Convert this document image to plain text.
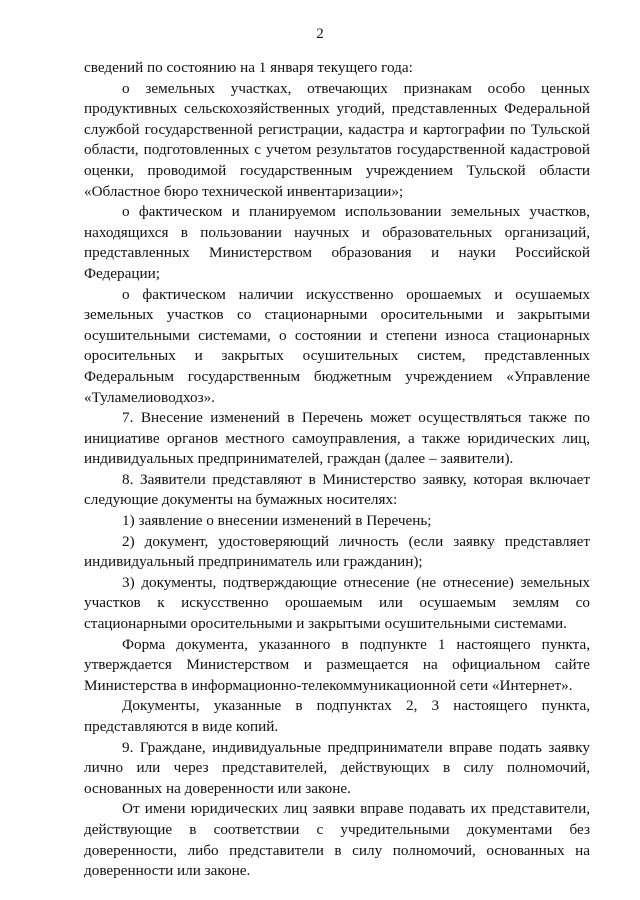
2

сведений по состоянию на 1 января текущего года:

о земельных участках, отвечающих признакам особо ценных продуктивных сельскохозяйственных угодий, представленных Федеральной службой государственной регистрации, кадастра и картографии по Тульской области, подготовленных с учетом результатов государственной кадастровой оценки, проводимой государственным учреждением Тульской области «Областное бюро технической инвентаризации»;

о фактическом и планируемом использовании земельных участков, находящихся в пользовании научных и образовательных организаций, представленных Министерством образования и науки Российской Федерации;

о фактическом наличии искусственно орошаемых и осушаемых земельных участков со стационарными оросительными и закрытыми осушительными системами, о состоянии и степени износа стационарных оросительных и закрытых осушительных систем, представленных Федеральным государственным бюджетным учреждением «Управление «Туламелиоводхоз».

7. Внесение изменений в Перечень может осуществляться также по инициативе органов местного самоуправления, а также юридических лиц, индивидуальных предпринимателей, граждан (далее – заявители).

8. Заявители представляют в Министерство заявку, которая включает следующие документы на бумажных носителях:

1) заявление о внесении изменений в Перечень;

2) документ, удостоверяющий личность (если заявку представляет индивидуальный предприниматель или гражданин);

3) документы, подтверждающие отнесение (не отнесение) земельных участков к искусственно орошаемым или осушаемым землям со стационарными оросительными и закрытыми осушительными системами.

Форма документа, указанного в подпункте 1 настоящего пункта, утверждается Министерством и размещается на официальном сайте Министерства в информационно-телекоммуникационной сети «Интернет».

Документы, указанные в подпунктах 2, 3 настоящего пункта, представляются в виде копий.

9. Граждане, индивидуальные предприниматели вправе подать заявку лично или через представителей, действующих в силу полномочий, основанных на доверенности или законе.

От имени юридических лиц заявки вправе подавать их представители, действующие в соответствии с учредительными документами без доверенности, либо представители в силу полномочий, основанных на доверенности или законе.
